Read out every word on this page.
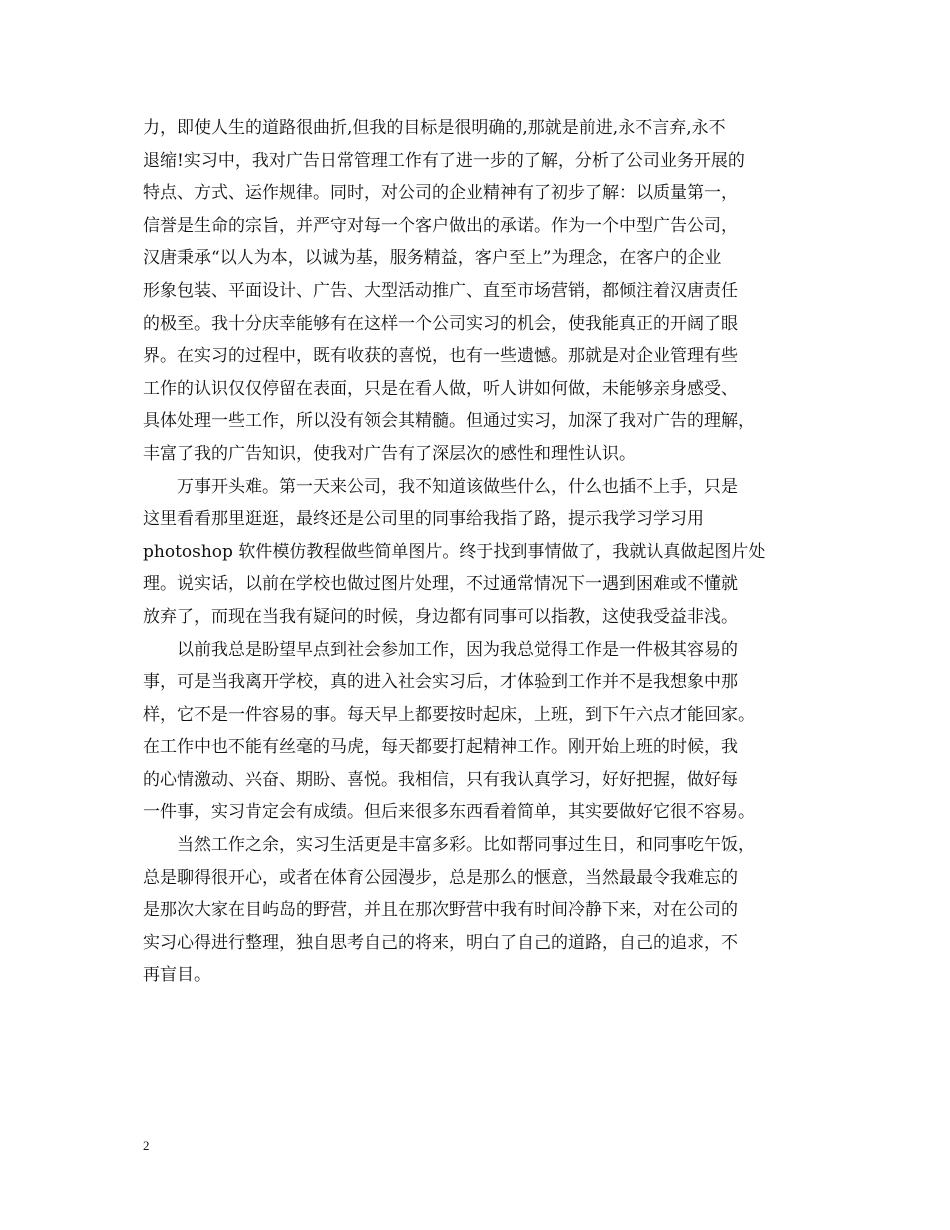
力，即使人生的道路很曲折,但我的目标是很明确的,那就是前进,永不言弃,永不
退缩!实习中，我对广告日常管理工作有了进一步的了解，分析了公司业务开展的
特点、方式、运作规律。同时，对公司的企业精神有了初步了解：以质量第一，
信誉是生命的宗旨，并严守对每一个客户做出的承诺。作为一个中型广告公司，
汉唐秉承“以人为本，以诚为基，服务精益，客户至上”为理念，在客户的企业
形象包装、平面设计、广告、大型活动推广、直至市场营销，都倾注着汉唐责任
的极至。我十分庆幸能够有在这样一个公司实习的机会，使我能真正的开阔了眼
界。在实习的过程中，既有收获的喜悦，也有一些遗憾。那就是对企业管理有些
工作的认识仅仅停留在表面，只是在看人做，听人讲如何做，未能够亲身感受、
具体处理一些工作，所以没有领会其精髓。但通过实习，加深了我对广告的理解，
丰富了我的广告知识，使我对广告有了深层次的感性和理性认识。
万事开头难。第一天来公司，我不知道该做些什么，什么也插不上手，只是
这里看看那里逛逛，最终还是公司里的同事给我指了路，提示我学习学习用
photoshop 软件模仿教程做些简单图片。终于找到事情做了，我就认真做起图片处
理。说实话，以前在学校也做过图片处理，不过通常情况下一遇到困难或不懂就
放弃了，而现在当我有疑问的时候，身边都有同事可以指教，这使我受益非浅。
以前我总是盼望早点到社会参加工作，因为我总觉得工作是一件极其容易的
事，可是当我离开学校，真的进入社会实习后，才体验到工作并不是我想象中那
样，它不是一件容易的事。每天早上都要按时起床，上班，到下午六点才能回家。
在工作中也不能有丝毫的马虎，每天都要打起精神工作。刚开始上班的时候，我
的心情激动、兴奋、期盼、喜悦。我相信，只有我认真学习，好好把握，做好每
一件事，实习肯定会有成绩。但后来很多东西看着简单，其实要做好它很不容易。
当然工作之余，实习生活更是丰富多彩。比如帮同事过生日，和同事吃午饭，
总是聊得很开心，或者在体育公园漫步，总是那么的惬意，当然最最令我难忘的
是那次大家在目屿岛的野营，并且在那次野营中我有时间冷静下来，对在公司的
实习心得进行整理，独自思考自己的将来，明白了自己的道路，自己的追求，不
再盲目。
2
